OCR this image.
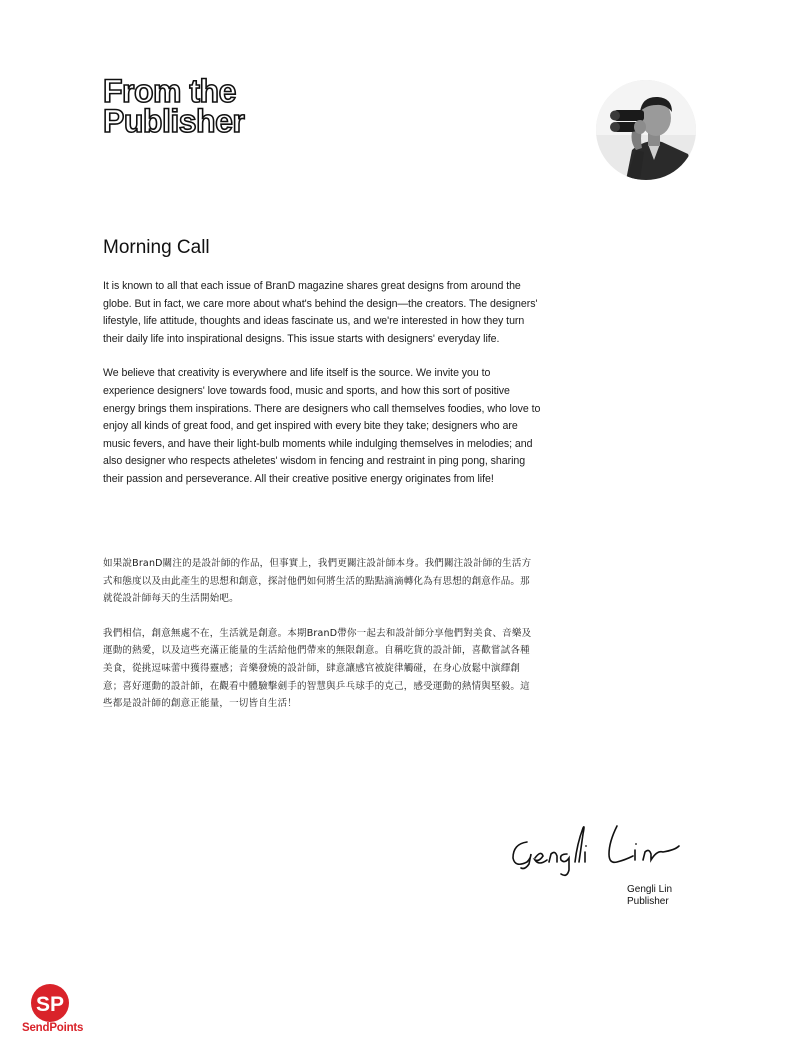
From the
Publisher
Morning Call

It is known to all that each issue of BranD magazine shares great designs from around the globe. But in fact, we care more about what's behind the design—the creators. The designers' lifestyle, life attitude, thoughts and ideas fascinate us, and we're interested in how they turn their daily life into inspirational designs. This issue starts with designers' everyday life.

We believe that creativity is everywhere and life itself is the source. We invite you to experience designers' love towards food, music and sports, and how this sort of positive energy brings them inspirations. There are designers who call themselves foodies, who love to enjoy all kinds of great food, and get inspired with every bite they take; designers who are music fevers, and have their light-bulb moments while indulging themselves in melodies; and also designer who respects atheletes' wisdom in fencing and restraint in ping pong, sharing their passion and perseverance. All their creative positive energy originates from life!

如果說BranD關注的是設計師的作品，但事實上，我們更關注設計師本身。我們關注設計師的生活方式和態度以及由此產生的思想和創意，探討他們如何將生活的點點滴滴轉化為有思想的創意作品。那就從設計師每天的生活開始吧。

我們相信，創意無處不在，生活就是創意。本期BranD帶你一起去和設計師分享他們對美食、音樂及運動的熱愛，以及這些充滿正能量的生活給他們帶來的無限創意。自稱吃貨的設計師，喜歡嘗試各種美食，從挑逗味蕾中獲得靈感；音樂發燒的設計師，肆意讓感官被旋律觸碰，在身心放鬆中演繹創意；喜好運動的設計師，在觀看中體驗擊劍手的智慧與乒乓球手的克己，感受運動的熱情與堅毅。這些都是設計師的創意正能量，一切皆自生活！

Gengli Lin
Publisher
SP
SendPoints
